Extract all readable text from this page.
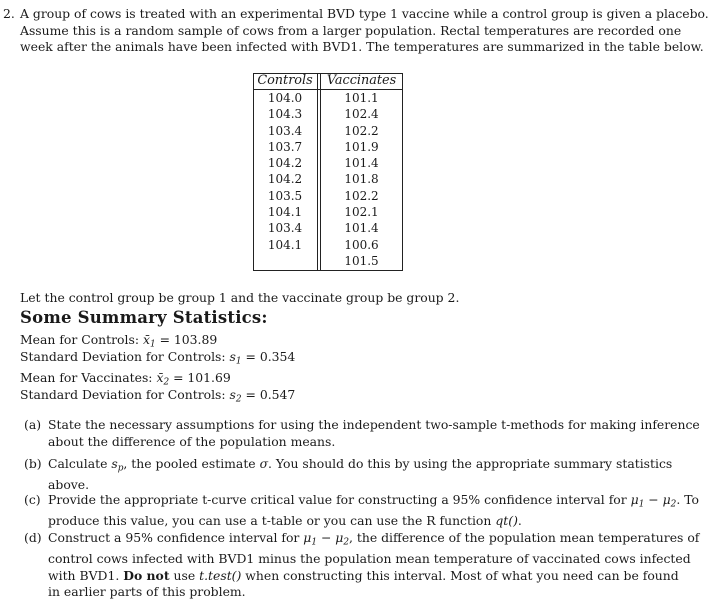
2. A group of cows is treated with an experimental BVD type 1 vaccine while a control group is given a placebo.
Assume this is a random sample of cows from a larger population. Rectal temperatures are recorded one
week after the animals have been infected with BVD1. The temperatures are summarized in the table below.
Controls
104.0
104.3
103.4
103.7
104.2
104.2
103.5
104.1
103.4
104.1
Vaccinates
101.1
102.4
102.2
101.9
101.4
101.8
102.2
102.1
101.4
100.6
101.5
Let the control group be group 1 and the vaccinate group be group 2.
Some Summary Statistics:
Mean for Controls: $x̄_1 = 103.89$
Standard Deviation for Controls: $s_1 = 0.354$
Mean for Vaccinates: $x̄_2 = 101.69$
Standard Deviation for Controls: $s_2 = 0.547$
(a) State the necessary assumptions for using the independent two-sample t-methods for making inference
about the difference of the population means.
(b) Calculate $s_p$, the pooled estimate σ. You should do this by using the appropriate summary statistics
above.
(c) Provide the appropriate t-curve critical value for constructing a 95% confidence interval for $\mu_1 - \mu_2$. To
produce this value, you can use a t-table or you can use the R function qt().
(d) Construct a 95% confidence interval for $\mu_1 - \mu_2$, the difference of the population mean temperatures of
control cows infected with BVD1 minus the population mean temperature of vaccinated cows infected
with BVD1. Do not use t.test() when constructing this interval. Most of what you need can be found
in earlier parts of this problem.
